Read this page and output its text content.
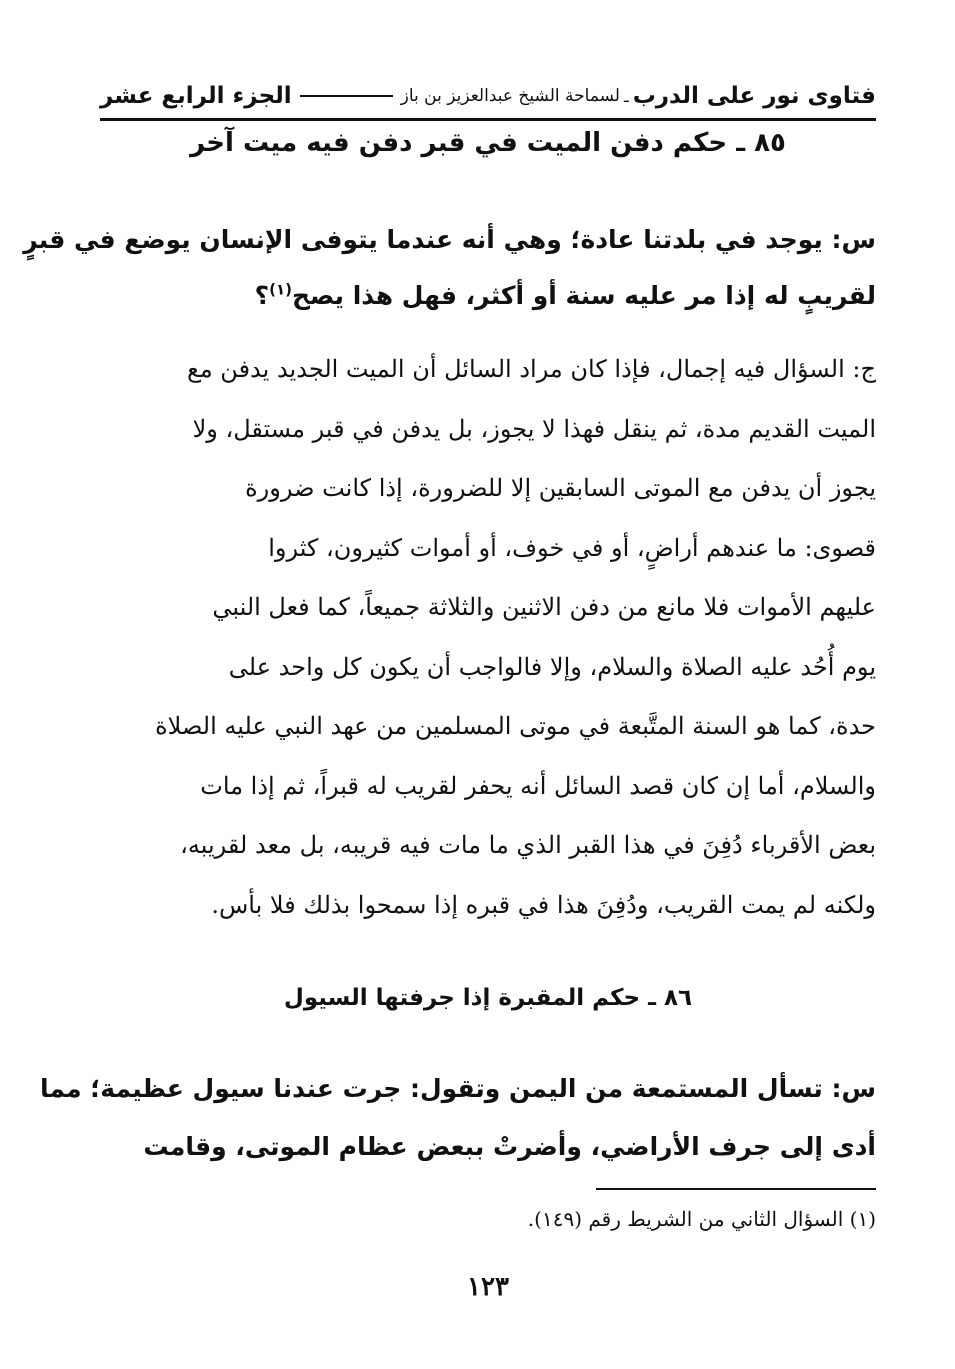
فتاوى نور على الدرب
ـ
لسماحة الشيخ عبدالعزيز بن باز
الجزء الرابع عشر
٨٥ ـ حكم دفن الميت في قبر دفن فيه ميت آخر
س: يوجد في بلدتنا عادة؛ وهي أنه عندما يتوفى الإنسان يوضع في قبرٍ
لقريبٍ له إذا مر عليه سنة أو أكثر، فهل هذا يصح$^{(١)}$؟
ج: السؤال فيه إجمال، فإذا كان مراد السائل أن الميت الجديد يدفن مع
الميت القديم مدة، ثم ينقل فهذا لا يجوز، بل يدفن في قبر مستقل، ولا
يجوز أن يدفن مع الموتى السابقين إلا للضرورة، إذا كانت ضرورة
قصوى: ما عندهم أراضٍ، أو في خوف، أو أموات كثيرون، كثروا
عليهم الأموات فلا مانع من دفن الاثنين والثلاثة جميعاً، كما فعل النبي
يوم أُحُد عليه الصلاة والسلام، وإلا فالواجب أن يكون كل واحد على
حدة، كما هو السنة المتَّبعة في موتى المسلمين من عهد النبي عليه الصلاة
والسلام، أما إن كان قصد السائل أنه يحفر لقريب له قبراً، ثم إذا مات
بعض الأقرباء دُفِنَ في هذا القبر الذي ما مات فيه قريبه، بل معد لقريبه،
ولكنه لم يمت القريب، ودُفِنَ هذا في قبره إذا سمحوا بذلك فلا بأس.
٨٦ ـ حكم المقبرة إذا جرفتها السيول
س: تسأل المستمعة من اليمن وتقول: جرت عندنا سيول عظيمة؛ مما
أدى إلى جرف الأراضي، وأضرتْ ببعض عظام الموتى، وقامت
(١) السؤال الثاني من الشريط رقم (١٤٩).
١٢٣
